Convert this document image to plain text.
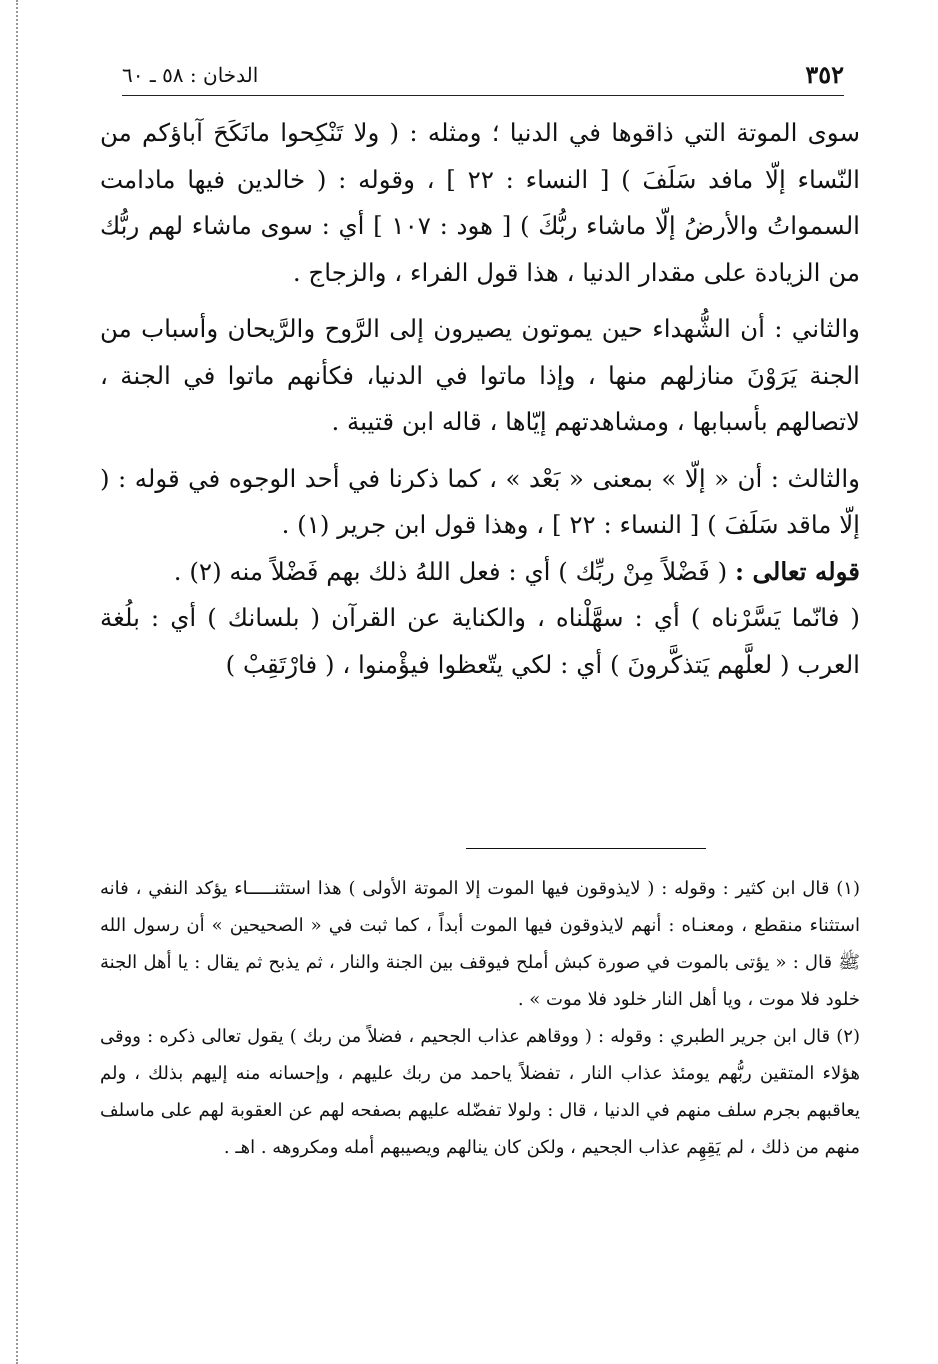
٣٥٢
الدخان : ٥٨ ـ ٦٠

سوى الموتة التي ذاقوها في الدنيا ؛ ومثله : ( ولا تَنْكِحوا مانَكَحَ آباؤكم من النّساء إلّا مافد سَلَفَ ) [ النساء : ٢٢ ] ، وقوله : ( خالدين فيها مادامت السمواتُ والأرضُ إلّا ماشاء ربُّكَ ) [ هود : ١٠٧ ] أي : سوى ماشاء لهم ربُّك من الزيادة على مقدار الدنيا ، هذا قول الفراء ، والزجاج .

والثاني : أن الشُّهداء حين يموتون يصيرون إلى الرَّوح والرَّيحان وأسباب من الجنة يَرَوْنَ منازلهم منها ، وإذا ماتوا في الدنيا، فكأنهم ماتوا في الجنة ، لاتصالهم بأسبابها ، ومشاهدتهم إيّاها ، قاله ابن قتيبة .

والثالث : أن « إلّا » بمعنى « بَعْد » ، كما ذكرنا في أحد الوجوه في قوله : ( إلّا ماقد سَلَفَ ) [ النساء : ٢٢ ] ، وهذا قول ابن جرير (١) .

قوله تعالى : ( فَضْلاً مِنْ ربِّك ) أي : فعل اللهُ ذلك بهم فَضْلاً منه (٢) .

( فانّما يَسَّرْناه ) أي : سهَّلْناه ، والكناية عن القرآن ( بلسانك ) أي : بلُغة العرب ( لعلَّهم يَتذكَّرونَ ) أي : لكي يتّعظوا فيؤْمنوا ، ( فارْتَقِبْ )

(١) قال ابن كثير : وقوله : ( لايذوقون فيها الموت إلا الموتة الأولى ) هذا استثنـــــاء يؤكد النفي ، فانه استثناء منقطع ، ومعنـاه : أنهم لايذوقون فيها الموت أبداً ، كما ثبت في « الصحيحين » أن رسول الله ﷺ قال : « يؤتى بالموت في صورة كبش أملح فيوقف بين الجنة والنار ، ثم يذبح ثم يقال : يا أهل الجنة خلود فلا موت ، ويا أهل النار خلود فلا موت » .

(٢) قال ابن جرير الطبري : وقوله : ( ووقاهم عذاب الجحيم ، فضلاً من ربك ) يقول تعالى ذكره : ووقى هؤلاء المتقين ربُّهم يومئذ عذاب النار ، تفضلاً ياحمد من ربك عليهم ، وإحسانه منه إليهم بذلك ، ولم يعاقبهم بجرم سلف منهم في الدنيا ، قال : ولولا تفضّله عليهم بصفحه لهم عن العقوبة لهم على ماسلف منهم من ذلك ، لم يَقِهِم عذاب الجحيم ، ولكن كان ينالهم ويصيبهم أمله ومكروهه . اهـ .
